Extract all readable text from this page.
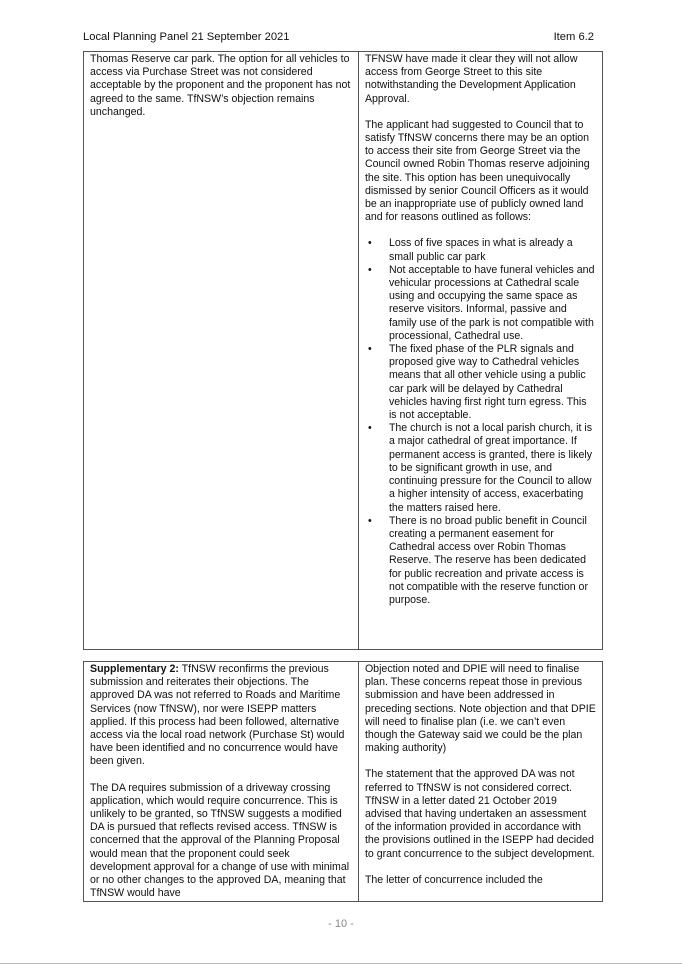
Local Planning Panel 21 September 2021	Item 6.2

Thomas Reserve car park. The option for all vehicles to access via Purchase Street was not considered acceptable by the proponent and the proponent has not agreed to the same. TfNSW’s objection remains unchanged.

TFNSW have made it clear they will not allow access from George Street to this site notwithstanding the Development Application Approval.

The applicant had suggested to Council that to satisfy TfNSW concerns there may be an option to access their site from George Street via the Council owned Robin Thomas reserve adjoining the site. This option has been unequivocally dismissed by senior Council Officers as it would be an inappropriate use of publicly owned land and for reasons outlined as follows:

• Loss of five spaces in what is already a small public car park
• Not acceptable to have funeral vehicles and vehicular processions at Cathedral scale using and occupying the same space as reserve visitors. Informal, passive and family use of the park is not compatible with processional, Cathedral use.
• The fixed phase of the PLR signals and proposed give way to Cathedral vehicles means that all other vehicle using a public car park will be delayed by Cathedral vehicles having first right turn egress. This is not acceptable.
• The church is not a local parish church, it is a major cathedral of great importance. If permanent access is granted, there is likely to be significant growth in use, and continuing pressure for the Council to allow a higher intensity of access, exacerbating the matters raised here.
• There is no broad public benefit in Council creating a permanent easement for Cathedral access over Robin Thomas Reserve. The reserve has been dedicated for public recreation and private access is not compatible with the reserve function or purpose.

Supplementary 2: TfNSW reconfirms the previous submission and reiterates their objections. The approved DA was not referred to Roads and Maritime Services (now TfNSW), nor were ISEPP matters applied. If this process had been followed, alternative access via the local road network (Purchase St) would have been identified and no concurrence would have been given.

The DA requires submission of a driveway crossing application, which would require concurrence. This is unlikely to be granted, so TfNSW suggests a modified DA is pursued that reflects revised access. TfNSW is concerned that the approval of the Planning Proposal would mean that the proponent could seek development approval for a change of use with minimal or no other changes to the approved DA, meaning that TfNSW would have

Objection noted and DPIE will need to finalise plan. These concerns repeat those in previous submission and have been addressed in preceding sections. Note objection and that DPIE will need to finalise plan (i.e. we can’t even though the Gateway said we could be the plan making authority)

The statement that the approved DA was not referred to TfNSW is not considered correct. TfNSW in a letter dated 21 October 2019 advised that having undertaken an assessment of the information provided in accordance with the provisions outlined in the ISEPP had decided to grant concurrence to the subject development.

The letter of concurrence included the

- 10 -
